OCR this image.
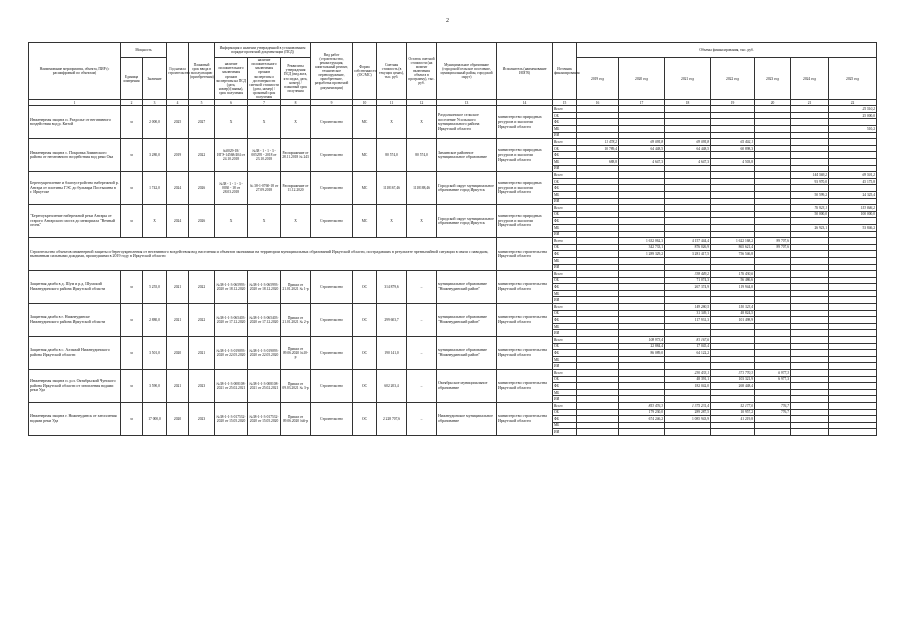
2
Наименование мероприятия, объекта, ПИР (с расшифровкой по объектам)	Мощность		Год начала строительства	Плановый срок ввода в эксплуатацию (приобретения)	Информация о наличии утвержденной в установленном порядке проектной документации (ПСД)			Вид работ (строительство, реконструкция, капитальный ремонт, техническое перевооружение, приобретение, разработка проектной документации)	Форма собственности (ОС/МС)	Сметная стоимость (в текущих ценах), тыс. руб.	Остаток сметной стоимости (на момент включения объекта в программу), тыс. руб.	Муниципальное образование (городской/сельское поселение, муниципальный район, городской округ)	Исполнитель (наименование ИОГВ)	Источник финансирования	Объемы финансирования, тыс. руб.						
	Единица измерения	Значение			наличие положительного заключения органов экспертизы на ПСД (дата, номер)/(заявка), срок получения	наличие положительного заключения органов экспертизы о достоверности сметной стоимости (дата, номер) / сроковый срок получения	Реквизиты утверждения ПСД (вид акта, кто издал, дата, номер) / плановый срок получения								2019 год	2020 год	2021 год	2022 год	2023 год	2024 год	2025 год

1	2	3	4	5	6	7	8	9	10	11	12	13	14	15	16	17	18	19	20	21	22
Инженерная защита п. Раздолье от негативного воздействия вод р. Китой	м	2 000,0	2025	2027	Х	Х	Х	Строительство	МС	Х	Х	Раздольинское сельское поселение Усольского муниципального района Иркутской области	министерство природных ресурсов и экологии Иркутской области	Всего							25 510,2
														ОБ							25 000,0
														ФБ							
														МБ							510,2
														ИИ							
Инженерная защита с. Покровка Зиминского района от негативного воздействия вод реки Ока	м	3 280,0	2019	2022	№0029-18/ИГЭ-14568/404 от 24.10.2018	№38 - 1 - 1 - 3 - 005295 - 2018 от 23.10.2018	Распоряжение от 28.11.2018 № 243	Строительство	МС	80 574,0	80 574,0	Зиминское районное муниципальное образование	министерство природных ресурсов и экологии Иркутской области	Всего	11 478,2	69 095,8	69 095,8	65 402,1			
														ОБ	10 789,4	64 448,5	64 448,5	60 898,3			
														ФБ							
														МБ	688,8	4 647,3	4 647,3	4 503,8			
														ИИ							
Берегоукрепление и благоустройство набережной р. Ангара от плотины ГЭС до бульвара Постышева в г. Иркутске	м	1 742,0	2024	2026	№38 - 1 - 1 - 3 - 0030 - 18 от 28.03.2018	№ 38-1-0760-18 от 27.09.2018	Распоряжение от 11.12.2020	Строительство	МС	1118167,46	1118188,46	Городской округ муниципальное образование город Иркутск	министерство природных ресурсов и экологии Иркутской области	Всего						144 569,2	69 501,2
														ОБ						93 970,0	45 175,8
														ФБ							
														МБ						50 599,2	24 325,4
														ИИ							
"Берегоукрепление набережной реки Ангары от старого Ангарского моста до мемориала "Вечный огонь"	м	Х	2024	2026	Х	Х	Х	Строительство	МС	Х	Х	Городской округ муниципальное образование город Иркутск	министерство природных ресурсов и экологии Иркутской области	Всего						76 923,1	153 846,2
														ОБ						50 000,0	100 000,0
														ФБ							
														МБ						26 923,1	53 846,2
														ИИ							
Строительство объектов инженерной защиты и берегоукрепления от негативного воздействия вод населения и объектов экономики на территории муниципальных образований Иркутской области, пострадавших в результате чрезвычайной ситуации в связи с паводком, вызванным сильными дождями, прошедшими в 2019 году в Иркутской области													министерство строительства Иркутской области	Всего		1 632 062,3	4 157 444,4	1 622 168,2	89 707,6		
														ОБ		342 733,1	876 026,9	865 621,4	89 707,6		
														ФБ		1 289 329,2	3 281 417,5	756 546,8			
														МБ							
														ИИ							
Защитная дамба в д. Шум и р.д. Шумский Нижнеудинского района Иркутской области	м	5 255,0	2021	2022	№38-1-1-3-065993-2020 от 18.12.2020	№38-1-1-3-065993-2020 от 18.12.2020	Приказ от 21.01.2021 № 1-р	Строительство	ОС	314 879,6	–	муниципальное образование "Нижнеудинский район"	министерство строительства Иркутской области	Всего			338 449,2	176 430,6			
														ОБ			71 074,3	56 486,6			
														ФБ			267 374,9	119 944,0			
														МБ							
														ИИ							
Защитная дамба в г. Нижнеудинске Нижнеудинского района Иркутской области	м	2 880,0	2021	2022	№38-1-1-3-065403-2020 от 17.12.2020	№38-1-1-3-065403-2020 от 17.12.2020	Приказ от 21.01.2021 № 2-р	Строительство	ОС	299 603,7	–	муниципальное образование "Нижнеудинский район"	министерство строительства Иркутской области	Всего			149 280,5	150 323,4			
														ОБ			31 349,1	48 824,5			
														ФБ			117 931,3	101 498,9			
														МБ							
														ИИ							
Защитная дамба в с. Алзамай Нижнеудинского района Иркутской области	м	3 501,0	2020	2021	№38-1-1-3-019093-2020 от 22.05.2020	№38-1-1-3-019093-2020 от 22.05.2020	Приказ от 09.06.2020 №10-р	Строительство	ОС	190 141,0	–	муниципальное образование "Нижнеудинский район"	министерство строительства Иркутской области	Всего		108 973,4	81 167,6				
														ОБ		22 884,4	17 045,4				
														ФБ		86 089,0	64 122,2				
														МБ							
														ИИ							
Инженерная защита п. р.п. Октябрьский Чунского района Иркутской области от затопления водами реки Уда	м	3 590,0	2021	2023	№38-1-1-3-008108-2021 от 25.02.2021	№38-1-1-3-008108-2021 от 25.02.2021	Приказ от 09.03.2021 № 3-р	Строительство	ОС	602 203,4	–	Октябрьское муниципальное образование	министерство строительства Иркутской области	Всего			230 433,1	371 770,3	6 977,3		
														ОБ			48 391,1	103 321,9	6 977,3		
														ФБ			182 042,0	268 448,4			
														МБ							
														ИИ							
Инженерная защита г. Нижнеудинск от затопления водами реки Уда	м	17 000,0	2020	2023	№38-1-1-3-017532-2020 от 15.05.2020	№38-1-1-3-017532-2020 от 15.05.2020	Приказ от 09.06.2020 №6-р	Строительство	ОС	2 228 707,6	–	Нижнеудинское муниципальное образование	министерство строительства Иркутской области	Всего		853 476,3	1 375 231,4	52 177,0	776,7		
														ОБ		179 230,0	289 287,5	10 957,2	776,7		
														ФБ		674 246,2	1 085 943,9	41 219,8			
														МБ							
														ИИ							
